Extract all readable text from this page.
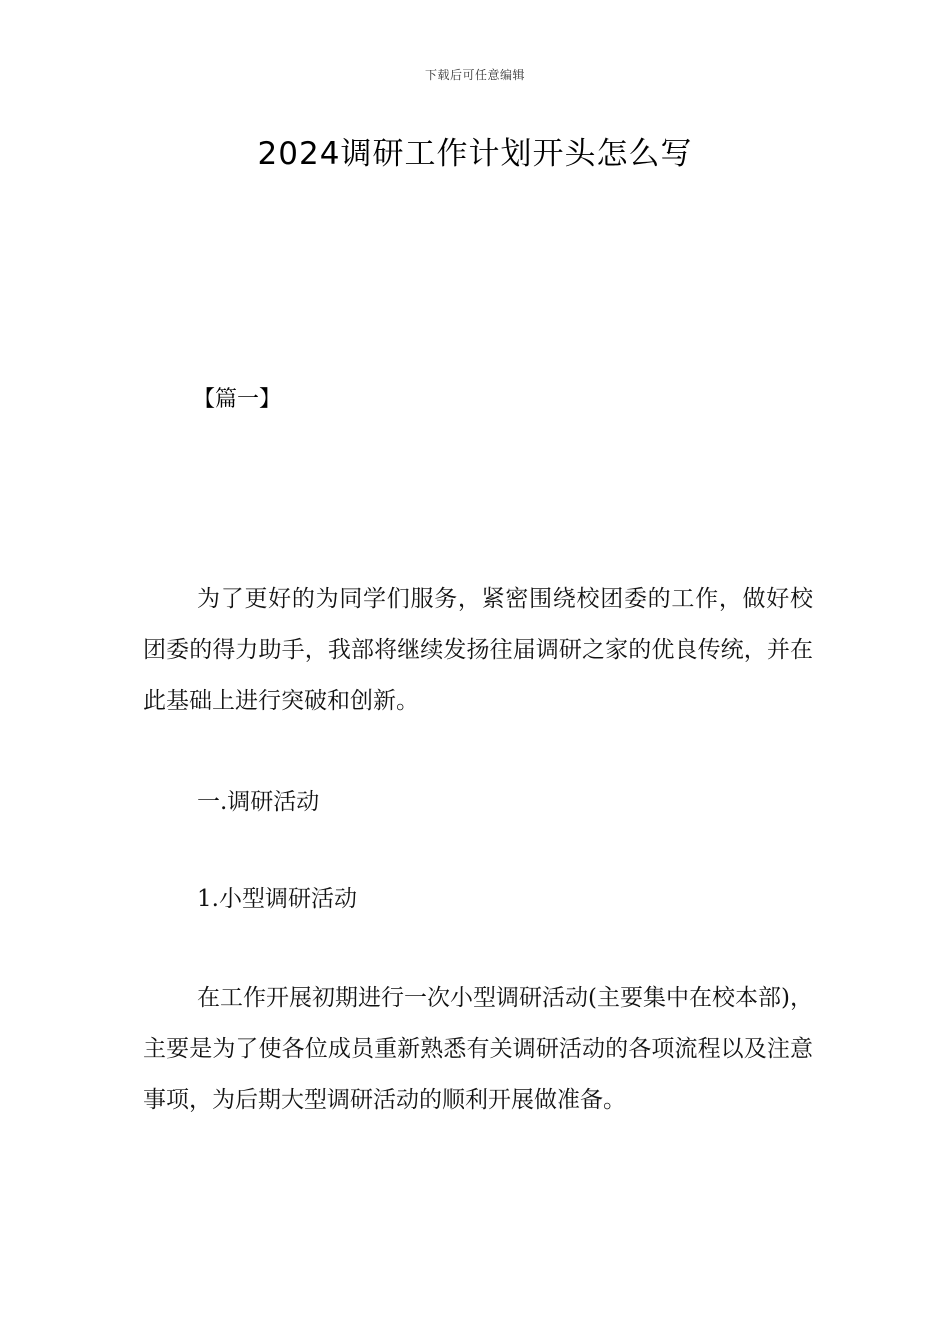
下载后可任意编辑
2024调研工作计划开头怎么写
【篇一】
为了更好的为同学们服务，紧密围绕校团委的工作，做好校团委的得力助手，我部将继续发扬往届调研之家的优良传统，并在此基础上进行突破和创新。
一.调研活动
1.小型调研活动
在工作开展初期进行一次小型调研活动(主要集中在校本部)，主要是为了使各位成员重新熟悉有关调研活动的各项流程以及注意事项，为后期大型调研活动的顺利开展做准备。
